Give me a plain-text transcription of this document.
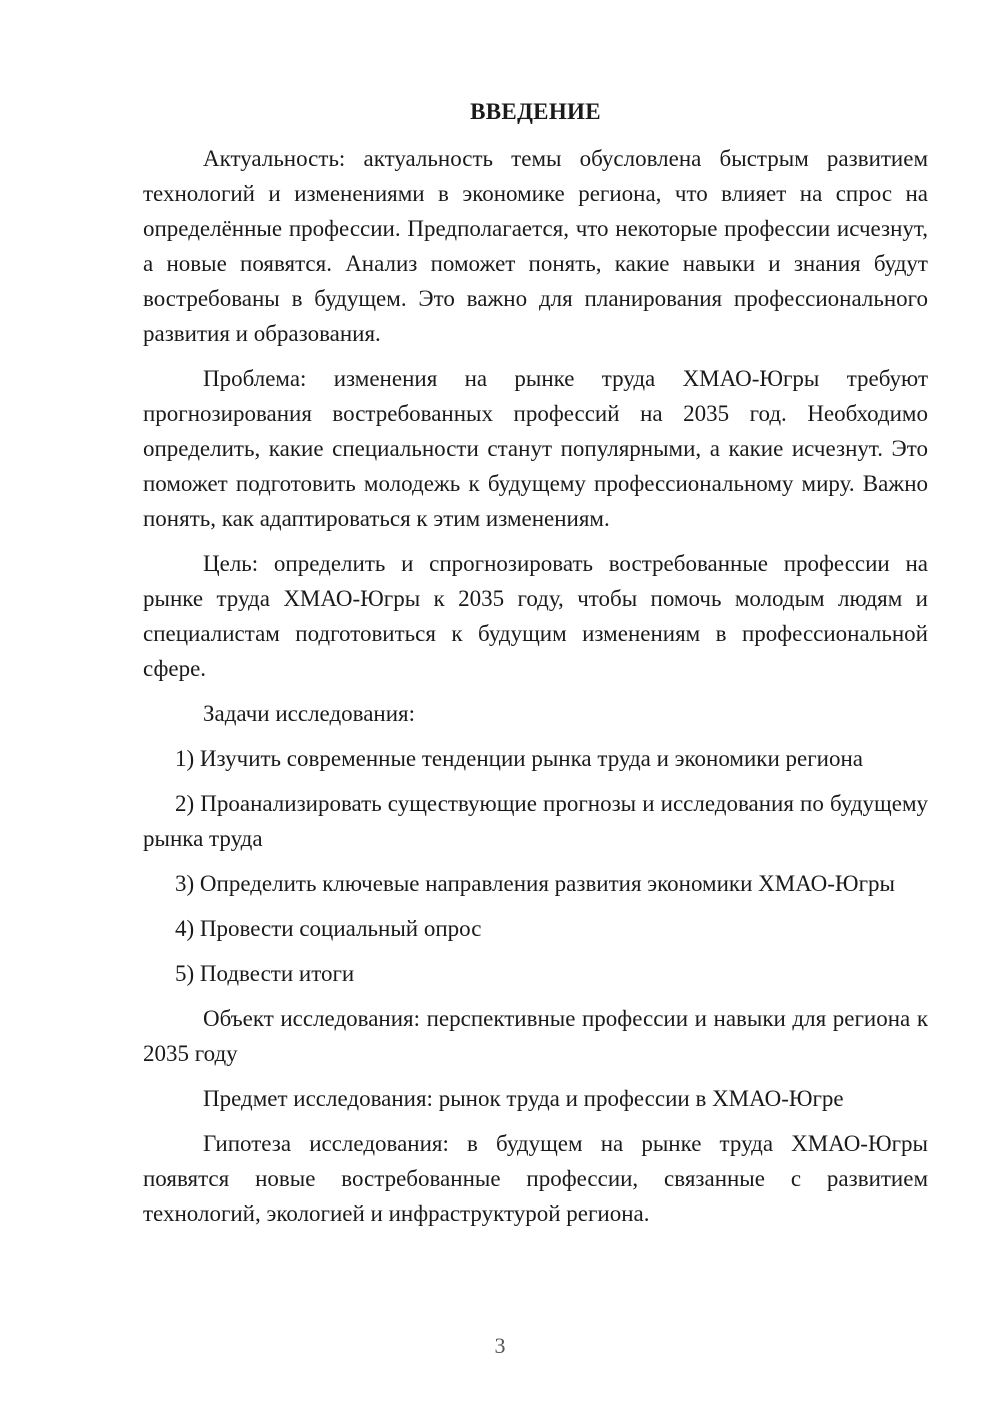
ВВЕДЕНИЕ

Актуальность: актуальность темы обусловлена быстрым развитием технологий и изменениями в экономике региона, что влияет на спрос на определённые профессии. Предполагается, что некоторые профессии исчезнут, а новые появятся. Анализ поможет понять, какие навыки и знания будут востребованы в будущем. Это важно для планирования профессионального развития и образования.

Проблема: изменения на рынке труда ХМАО-Югры требуют прогнозирования востребованных профессий на 2035 год. Необходимо определить, какие специальности станут популярными, а какие исчезнут. Это поможет подготовить молодежь к будущему профессиональному миру. Важно понять, как адаптироваться к этим изменениям.

Цель: определить и спрогнозировать востребованные профессии на рынке труда ХМАО-Югры к 2035 году, чтобы помочь молодым людям и специалистам подготовиться к будущим изменениям в профессиональной сфере.

Задачи исследования:

1) Изучить современные тенденции рынка труда и экономики региона

2) Проанализировать существующие прогнозы и исследования по будущему рынка труда

3) Определить ключевые направления развития экономики ХМАО-Югры

4) Провести социальный опрос

5) Подвести итоги

Объект исследования: перспективные профессии и навыки для региона к 2035 году

Предмет исследования: рынок труда и профессии в ХМАО-Югре

Гипотеза исследования: в будущем на рынке труда ХМАО-Югры появятся новые востребованные профессии, связанные с развитием технологий, экологией и инфраструктурой региона.

3
